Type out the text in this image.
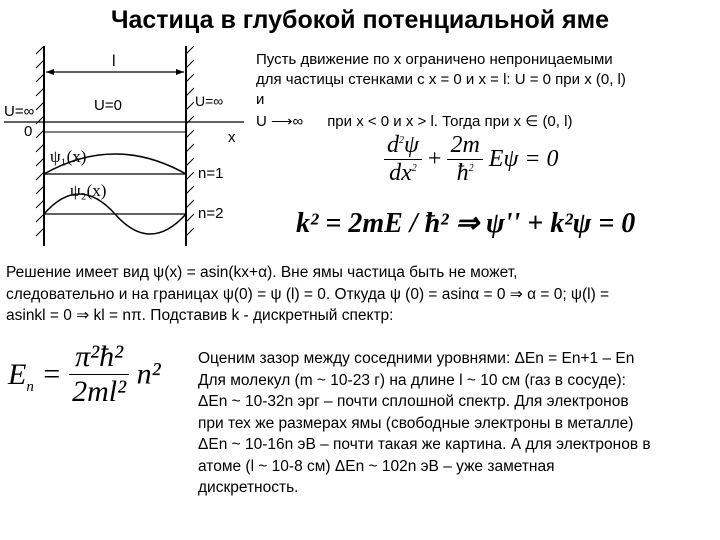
Частица в глубокой потенциальной яме
l
U=∞	U=0	U=∞
0	x
ψ₁(x)
n=1
ψ₂(x)
n=2
Пусть движение по x ограничено непроницаемыми
для частицы стенками с x = 0 и x = l: U = 0 при x (0, l)
и
U ⟶∞ при x < 0 и x > l. Тогда при x ∈ (0, l)
$\frac{d^2\psi}{dx^2} + \frac{2m}{ħ^2}$ Eψ = 0
k² = 2mE / ħ² ⇒ ψ'' + k²ψ = 0
Решение имеет вид ψ(x) = asin(kx+α). Вне ямы частица быть не может,
следовательно и на границах ψ(0) = ψ (l) = 0. Откуда ψ (0) = asinα = 0 ⇒ α = 0; ψ(l) =
asinkl = 0 ⇒ kl = nπ. Подставив k - дискретный спектр:
$E_n = \frac{\text{π²ħ²}}{\text{2ml²}} n^2$ Оценим зазор между соседними уровнями: ΔEn = En+1 – En
Для молекул (m ~ 10-23 г) на длине l ~ 10 см (газ в сосуде):
ΔEn ~ 10-32n эрг – почти сплошной спектр. Для электронов
при тех же размерах ямы (свободные электроны в металле)
ΔEn ~ 10-16n эВ – почти такая же картина. А для электронов в
атоме (l ~ 10-8 см) ΔEn ~ 102n эВ – уже заметная
дискретность.
